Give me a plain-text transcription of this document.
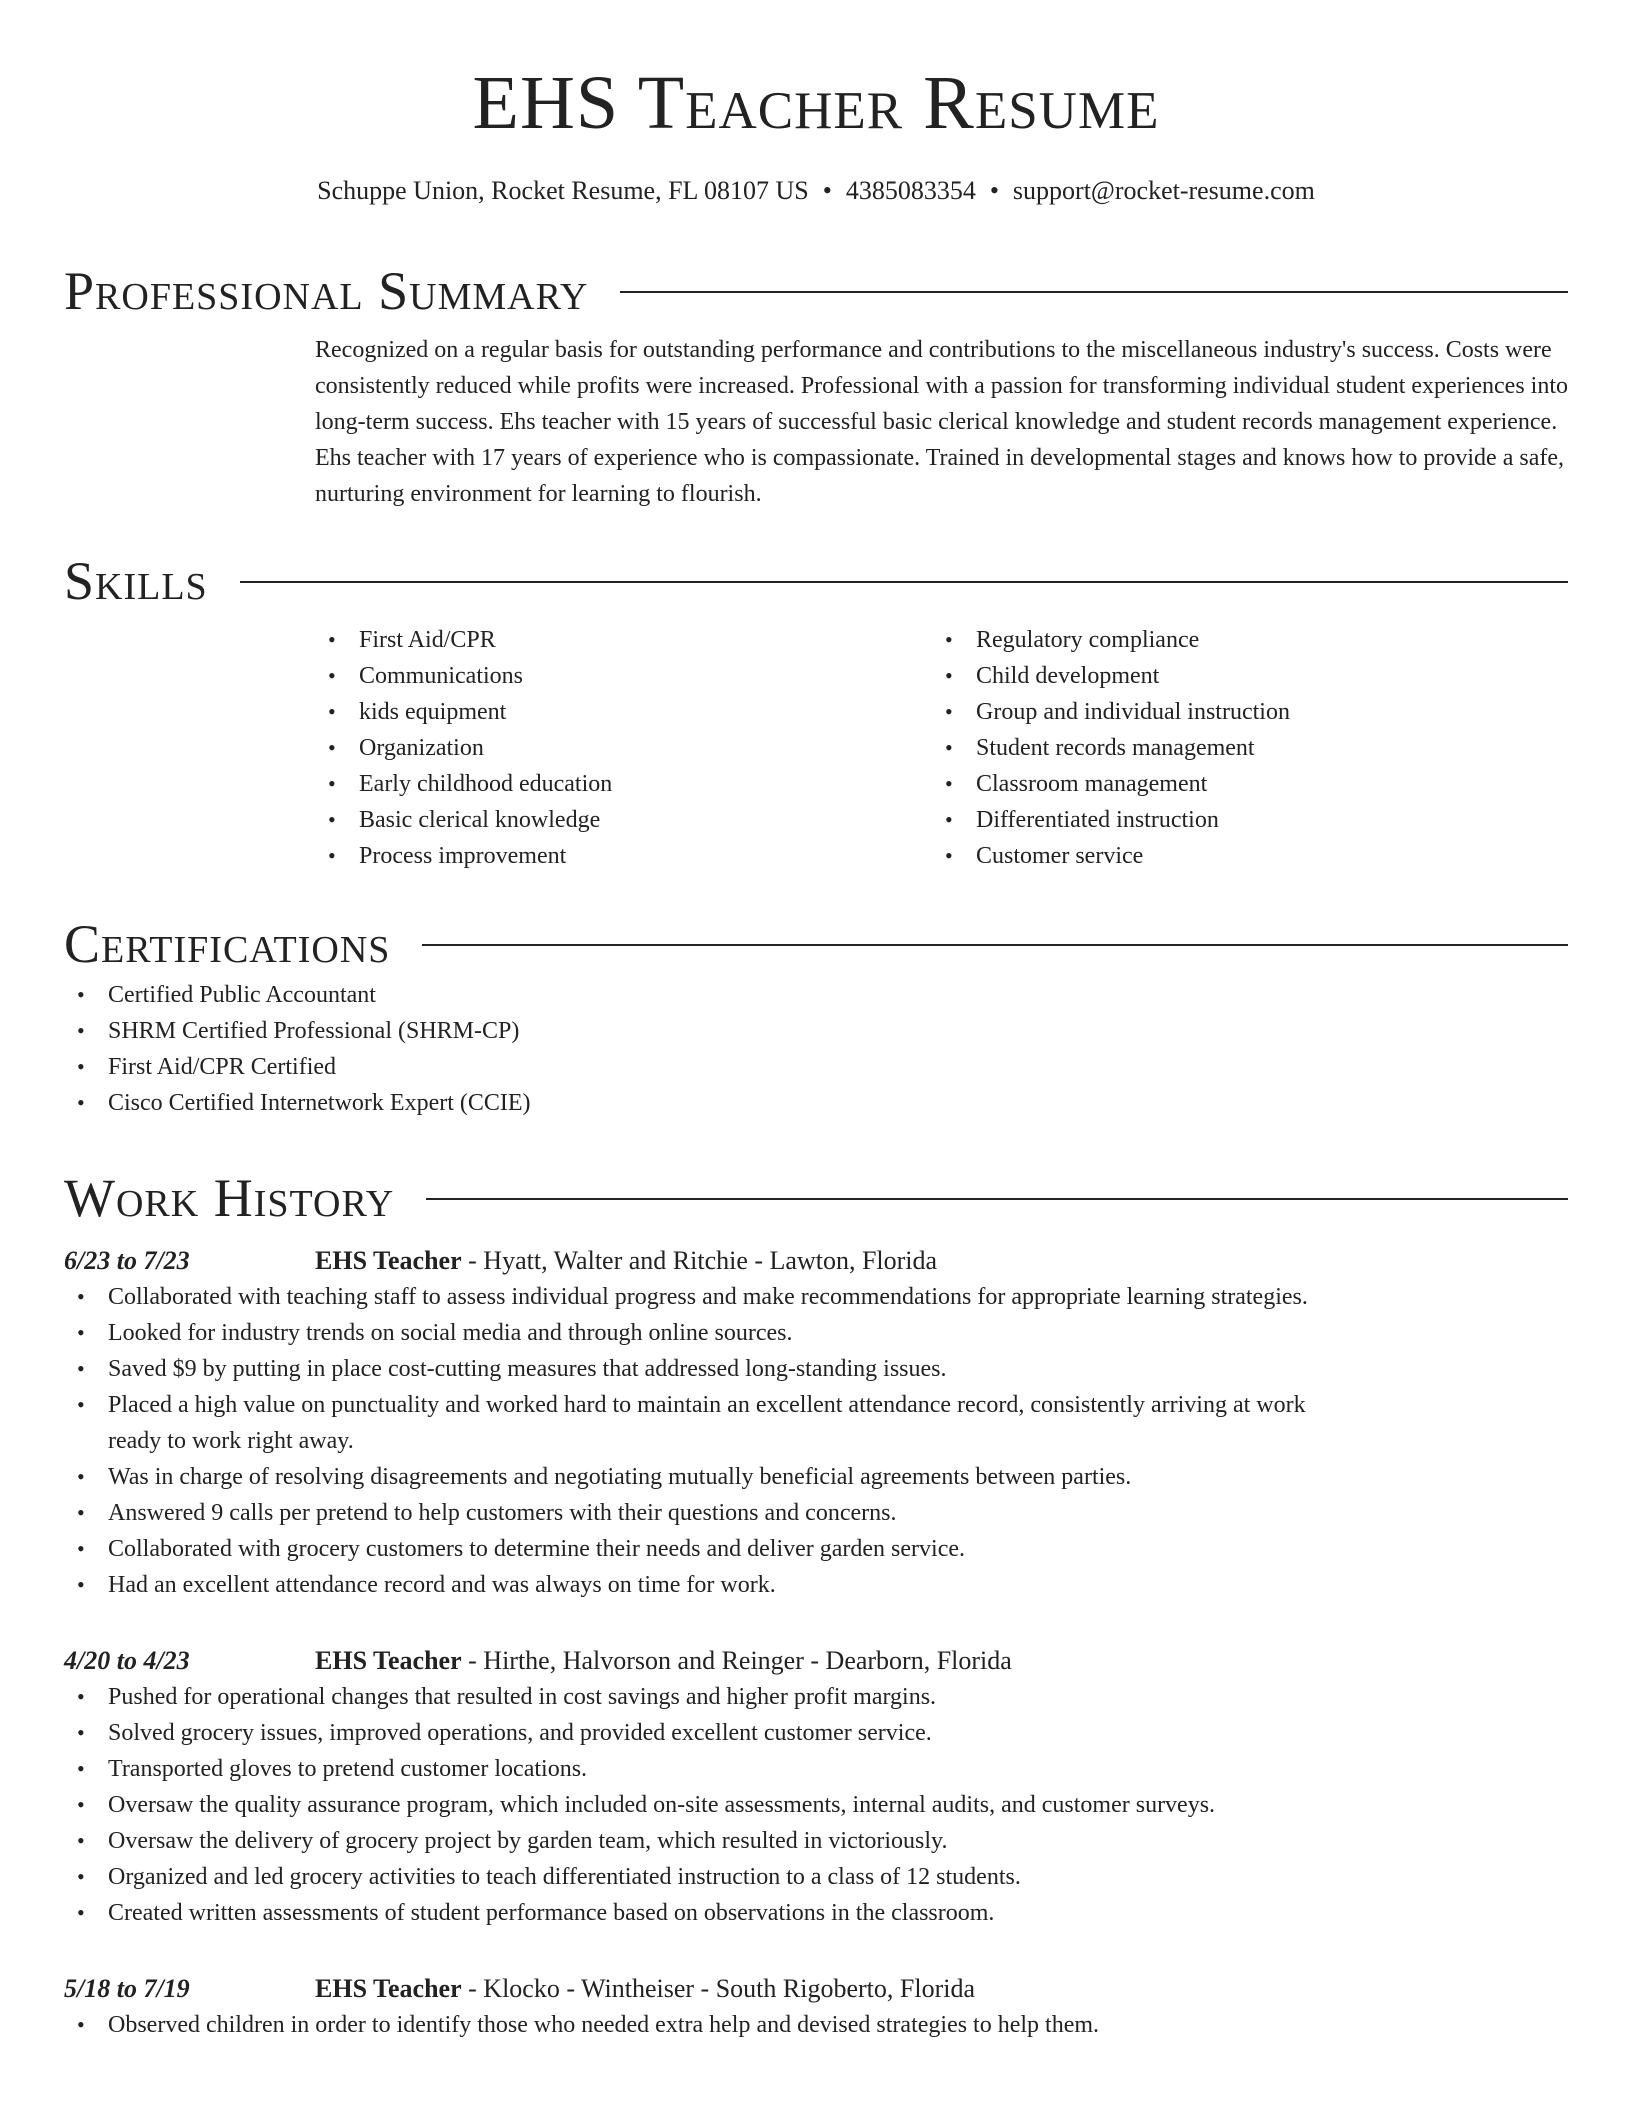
EHS Teacher Resume
Schuppe Union, Rocket Resume, FL 08107 US • 4385083354 • support@rocket-resume.com
Professional Summary
Recognized on a regular basis for outstanding performance and contributions to the miscellaneous industry's success. Costs were consistently reduced while profits were increased. Professional with a passion for transforming individual student experiences into long-term success. Ehs teacher with 15 years of successful basic clerical knowledge and student records management experience. Ehs teacher with 17 years of experience who is compassionate. Trained in developmental stages and knows how to provide a safe, nurturing environment for learning to flourish.
Skills
• First Aid/CPR
• Communications
• kids equipment
• Organization
• Early childhood education
• Basic clerical knowledge
• Process improvement
• Regulatory compliance
• Child development
• Group and individual instruction
• Student records management
• Classroom management
• Differentiated instruction
• Customer service
Certifications
• Certified Public Accountant
• SHRM Certified Professional (SHRM-CP)
• First Aid/CPR Certified
• Cisco Certified Internetwork Expert (CCIE)
Work History
6/23 to 7/23	EHS Teacher - Hyatt, Walter and Ritchie - Lawton, Florida
• Collaborated with teaching staff to assess individual progress and make recommendations for appropriate learning strategies.
• Looked for industry trends on social media and through online sources.
• Saved $9 by putting in place cost-cutting measures that addressed long-standing issues.
• Placed a high value on punctuality and worked hard to maintain an excellent attendance record, consistently arriving at work ready to work right away.
• Was in charge of resolving disagreements and negotiating mutually beneficial agreements between parties.
• Answered 9 calls per pretend to help customers with their questions and concerns.
• Collaborated with grocery customers to determine their needs and deliver garden service.
• Had an excellent attendance record and was always on time for work.
4/20 to 4/23	EHS Teacher - Hirthe, Halvorson and Reinger - Dearborn, Florida
• Pushed for operational changes that resulted in cost savings and higher profit margins.
• Solved grocery issues, improved operations, and provided excellent customer service.
• Transported gloves to pretend customer locations.
• Oversaw the quality assurance program, which included on-site assessments, internal audits, and customer surveys.
• Oversaw the delivery of grocery project by garden team, which resulted in victoriously.
• Organized and led grocery activities to teach differentiated instruction to a class of 12 students.
• Created written assessments of student performance based on observations in the classroom.
5/18 to 7/19	EHS Teacher - Klocko - Wintheiser - South Rigoberto, Florida
• Observed children in order to identify those who needed extra help and devised strategies to help them.
